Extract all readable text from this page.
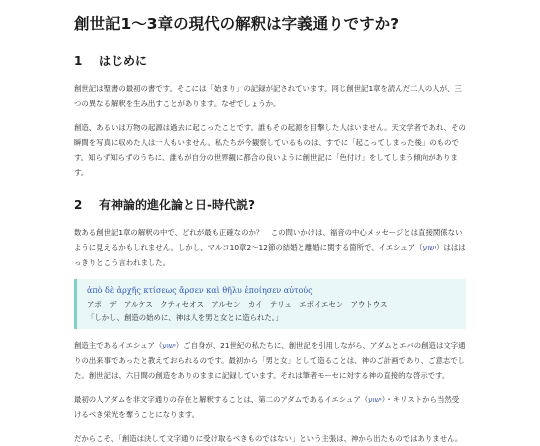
創世記1〜3章の現代の解釈は字義通りですか?
1 はじめに

創世記は聖書の最初の書です。そこには「始まり」の記録が記されています。同じ創世記1章を読んだ二人の人が、三つの異なる解釈を生み出すことがあります。なぜでしょうか。

創造、あるいは万物の起源は過去に起こったことです。誰もその起源を目撃した人はいません。天文学者であれ、その瞬間を写真に収めた人は一人もいません。私たちが今観察しているものは、すでに「起こってしまった後」のものです。知らず知らずのうちに、誰もが自分の世界観に都合の良いように創世記に「色付け」をしてしまう傾向があります。

2 有神論的進化論と日-時代説?

数ある創世記1章の解釈の中で、どれが最も正確なのか？　この問いかけは、福音の中心メッセージとは直接関係ないように見えるかもしれません。しかし、マルコ10章2〜12節の結婚と離婚に関する箇所で、イエシュア（ישוע）はははっきりとこう言われました。

ἀπὸ δὲ ἀρχῆς κτίσεως ἄρσεν καὶ θῆλυ ἐποίησεν αὐτούς
アポ　デ　アルケス　クティセオス　アルセン　カイ　テリュ　エポイエセン　アウトウス
「しかし、創造の始めに、神は人を男と女とに造られた。」

創造主であるイエシュア（ישוע）ご自身が、21世紀の私たちに、創世記を引用しながら、アダムとエバの創造は文字通りの出来事であったと教えておられるのです。最初から「男と女」として造ることは、神のご計画であり、ご意志でした。創世記は、六日間の創造をありのままに記録しています。それは筆者モーセに対する神の直接的な啓示です。

最初の人アダムを非文字通りの存在と解釈することは、第二のアダムであるイエシュア（ישוע）・キリストから当然受けるべき栄光を奪うことになります。

だからこそ、「創造は決して文字通りに受け取るべきものではない」という主張は、神から出たものではありません。
